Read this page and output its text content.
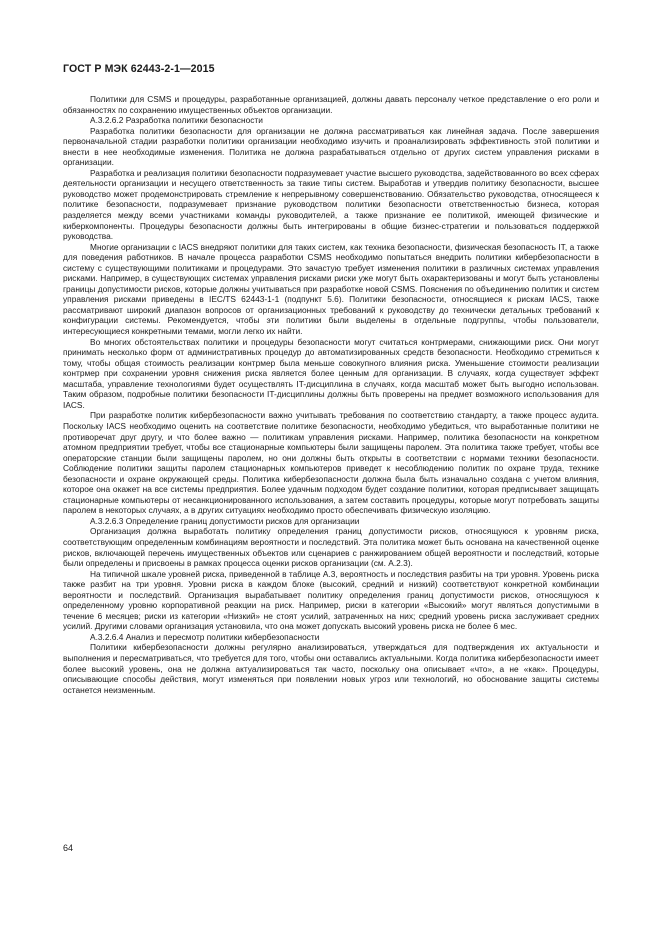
ГОСТ Р МЭК 62443-2-1—2015

Политики для CSMS и процедуры, разработанные организацией, должны давать персоналу четкое представление о его роли и обязанностях по сохранению имущественных объектов организации.

A.3.2.6.2 Разработка политики безопасности

Разработка политики безопасности для организации не должна рассматриваться как линейная задача. После завершения первоначальной стадии разработки политики организации необходимо изучить и проанализировать эффективность этой политики и внести в нее необходимые изменения. Политика не должна разрабатываться отдельно от других систем управления рисками в организации.

Разработка и реализация политики безопасности подразумевает участие высшего руководства, задействованного во всех сферах деятельности организации и несущего ответственность за такие типы систем. Выработав и утвердив политику безопасности, высшее руководство может продемонстрировать стремление к непрерывному совершенствованию. Обязательство руководства, относящееся к политике безопасности, подразумевает признание руководством политики безопасности ответственностью бизнеса, которая разделяется между всеми участниками команды руководителей, а также признание ее политикой, имеющей физические и киберкомпоненты. Процедуры безопасности должны быть интегрированы в общие бизнес-стратегии и пользоваться поддержкой руководства.

Многие организации с IACS внедряют политики для таких систем, как техника безопасности, физическая безопасность IT, а также для поведения работников. В начале процесса разработки CSMS необходимо попытаться внедрить политики кибербезопасности в систему с существующими политиками и процедурами. Это зачастую требует изменения политики в различных системах управления рисками. Например, в существующих системах управления рисками риски уже могут быть охарактеризованы и могут быть установлены границы допустимости рисков, которые должны учитываться при разработке новой CSMS. Пояснения по объединению политик и систем управления рисками приведены в IEC/TS 62443-1-1 (подпункт 5.6). Политики безопасности, относящиеся к рискам IACS, также рассматривают широкий диапазон вопросов от организационных требований к руководству до технически детальных требований к конфигурации системы. Рекомендуется, чтобы эти политики были выделены в отдельные подгруппы, чтобы пользователи, интересующиеся конкретными темами, могли легко их найти.

Во многих обстоятельствах политики и процедуры безопасности могут считаться контрмерами, снижающими риск. Они могут принимать несколько форм от административных процедур до автоматизированных средств безопасности. Необходимо стремиться к тому, чтобы общая стоимость реализации контрмер была меньше совокупного влияния риска. Уменьшение стоимости реализации контрмер при сохранении уровня снижения риска является более ценным для организации. В случаях, когда существует эффект масштаба, управление технологиями будет осуществлять IT-дисциплина в случаях, когда масштаб может быть выгодно использован. Таким образом, подробные политики безопасности IT-дисциплины должны быть проверены на предмет возможного использования для IACS.

При разработке политик кибербезопасности важно учитывать требования по соответствию стандарту, а также процесс аудита. Поскольку IACS необходимо оценить на соответствие политике безопасности, необходимо убедиться, что выработанные политики не противоречат друг другу, и что более важно — политикам управления рисками. Например, политика безопасности на конкретном атомном предприятии требует, чтобы все стационарные компьютеры были защищены паролем. Эта политика также требует, чтобы все операторские станции были защищены паролем, но они должны быть открыты в соответствии с нормами техники безопасности. Соблюдение политики защиты паролем стационарных компьютеров приведет к несоблюдению политик по охране труда, технике безопасности и охране окружающей среды. Политика кибербезопасности должна была быть изначально создана с учетом влияния, которое она окажет на все системы предприятия. Более удачным подходом будет создание политики, которая предписывает защищать стационарные компьютеры от несанкционированного использования, а затем составить процедуры, которые могут потребовать защиты паролем в некоторых случаях, а в других ситуациях необходимо просто обеспечивать физическую изоляцию.

A.3.2.6.3 Определение границ допустимости рисков для организации

Организация должна выработать политику определения границ допустимости рисков, относящуюся к уровням риска, соответствующим определенным комбинациям вероятности и последствий. Эта политика может быть основана на качественной оценке рисков, включающей перечень имущественных объектов или сценариев с ранжированием общей вероятности и последствий, которые были определены и присвоены в рамках процесса оценки рисков организации (см. А.2.3).

На типичной шкале уровней риска, приведенной в таблице А.3, вероятность и последствия разбиты на три уровня. Уровень риска также разбит на три уровня. Уровни риска в каждом блоке (высокий, средний и низкий) соответствуют конкретной комбинации вероятности и последствий. Организация вырабатывает политику определения границ допустимости рисков, относящуюся к определенному уровню корпоративной реакции на риск. Например, риски в категории «Высокий» могут являться допустимыми в течение 6 месяцев; риски из категории «Низкий» не стоят усилий, затраченных на них; средний уровень риска заслуживает средних усилий. Другими словами организация установила, что она может допускать высокий уровень риска не более 6 мес.

A.3.2.6.4 Анализ и пересмотр политики кибербезопасности

Политики кибербезопасности должны регулярно анализироваться, утверждаться для подтверждения их актуальности и выполнения и пересматриваться, что требуется для того, чтобы они оставались актуальными. Когда политика кибербезопасности имеет более высокий уровень, она не должна актуализироваться так часто, поскольку она описывает «что», а не «как». Процедуры, описывающие способы действия, могут изменяться при появлении новых угроз или технологий, но обоснование защиты системы останется неизменным.

64
